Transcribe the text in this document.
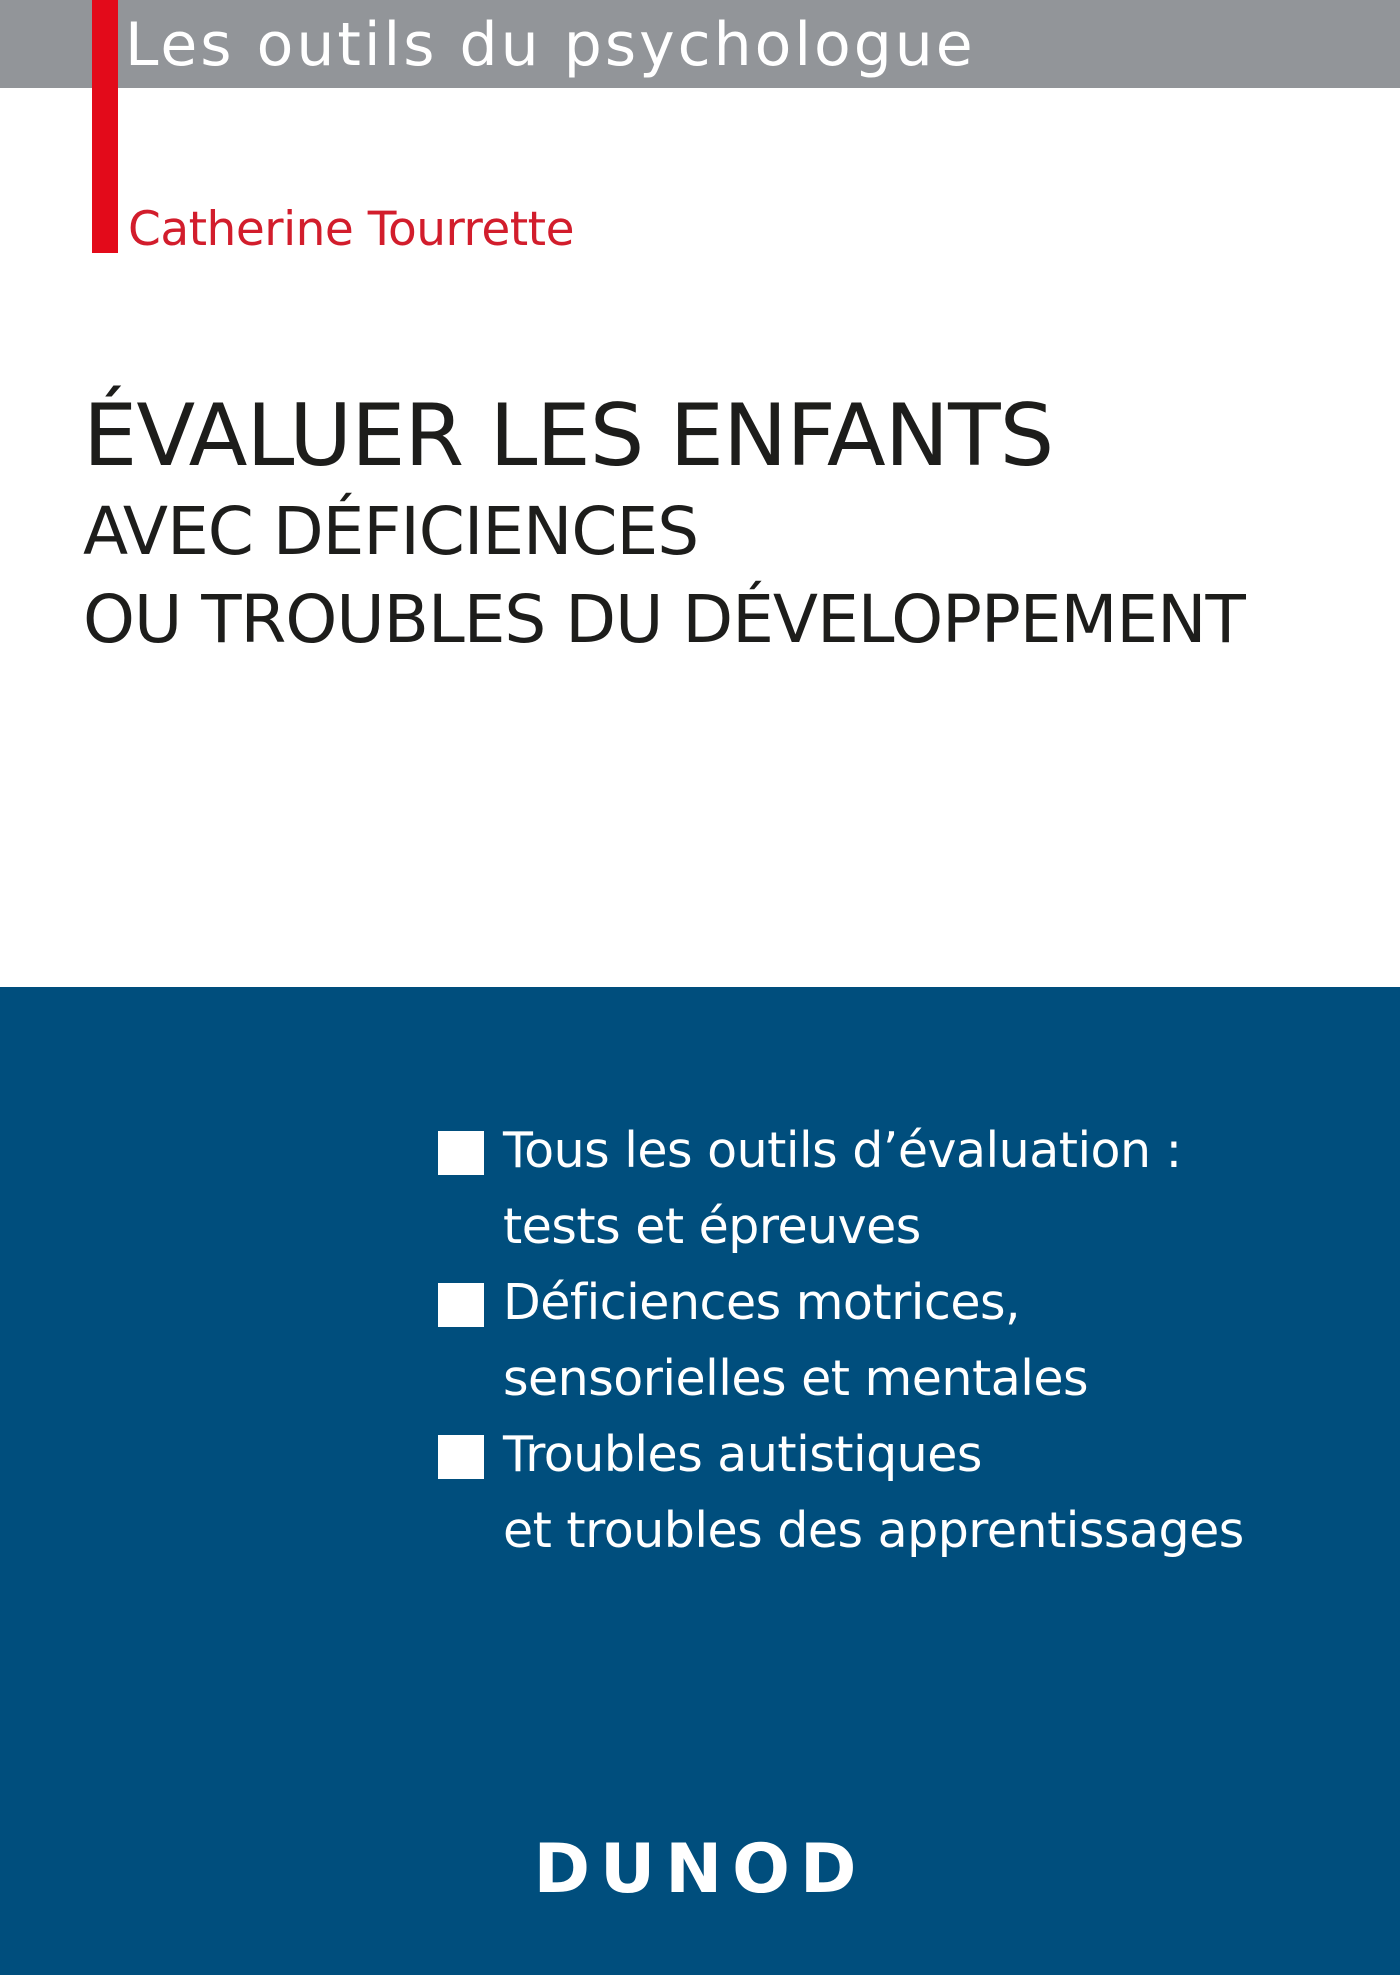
Les outils du psychologue

Catherine Tourrette

ÉVALUER LES ENFANTS
AVEC DÉFICIENCES
OU TROUBLES DU DÉVELOPPEMENT
Tous les outils d’évaluation :
tests et épreuves
Déficiences motrices,
sensorielles et mentales
Troubles autistiques
et troubles des apprentissages

DUNOD
